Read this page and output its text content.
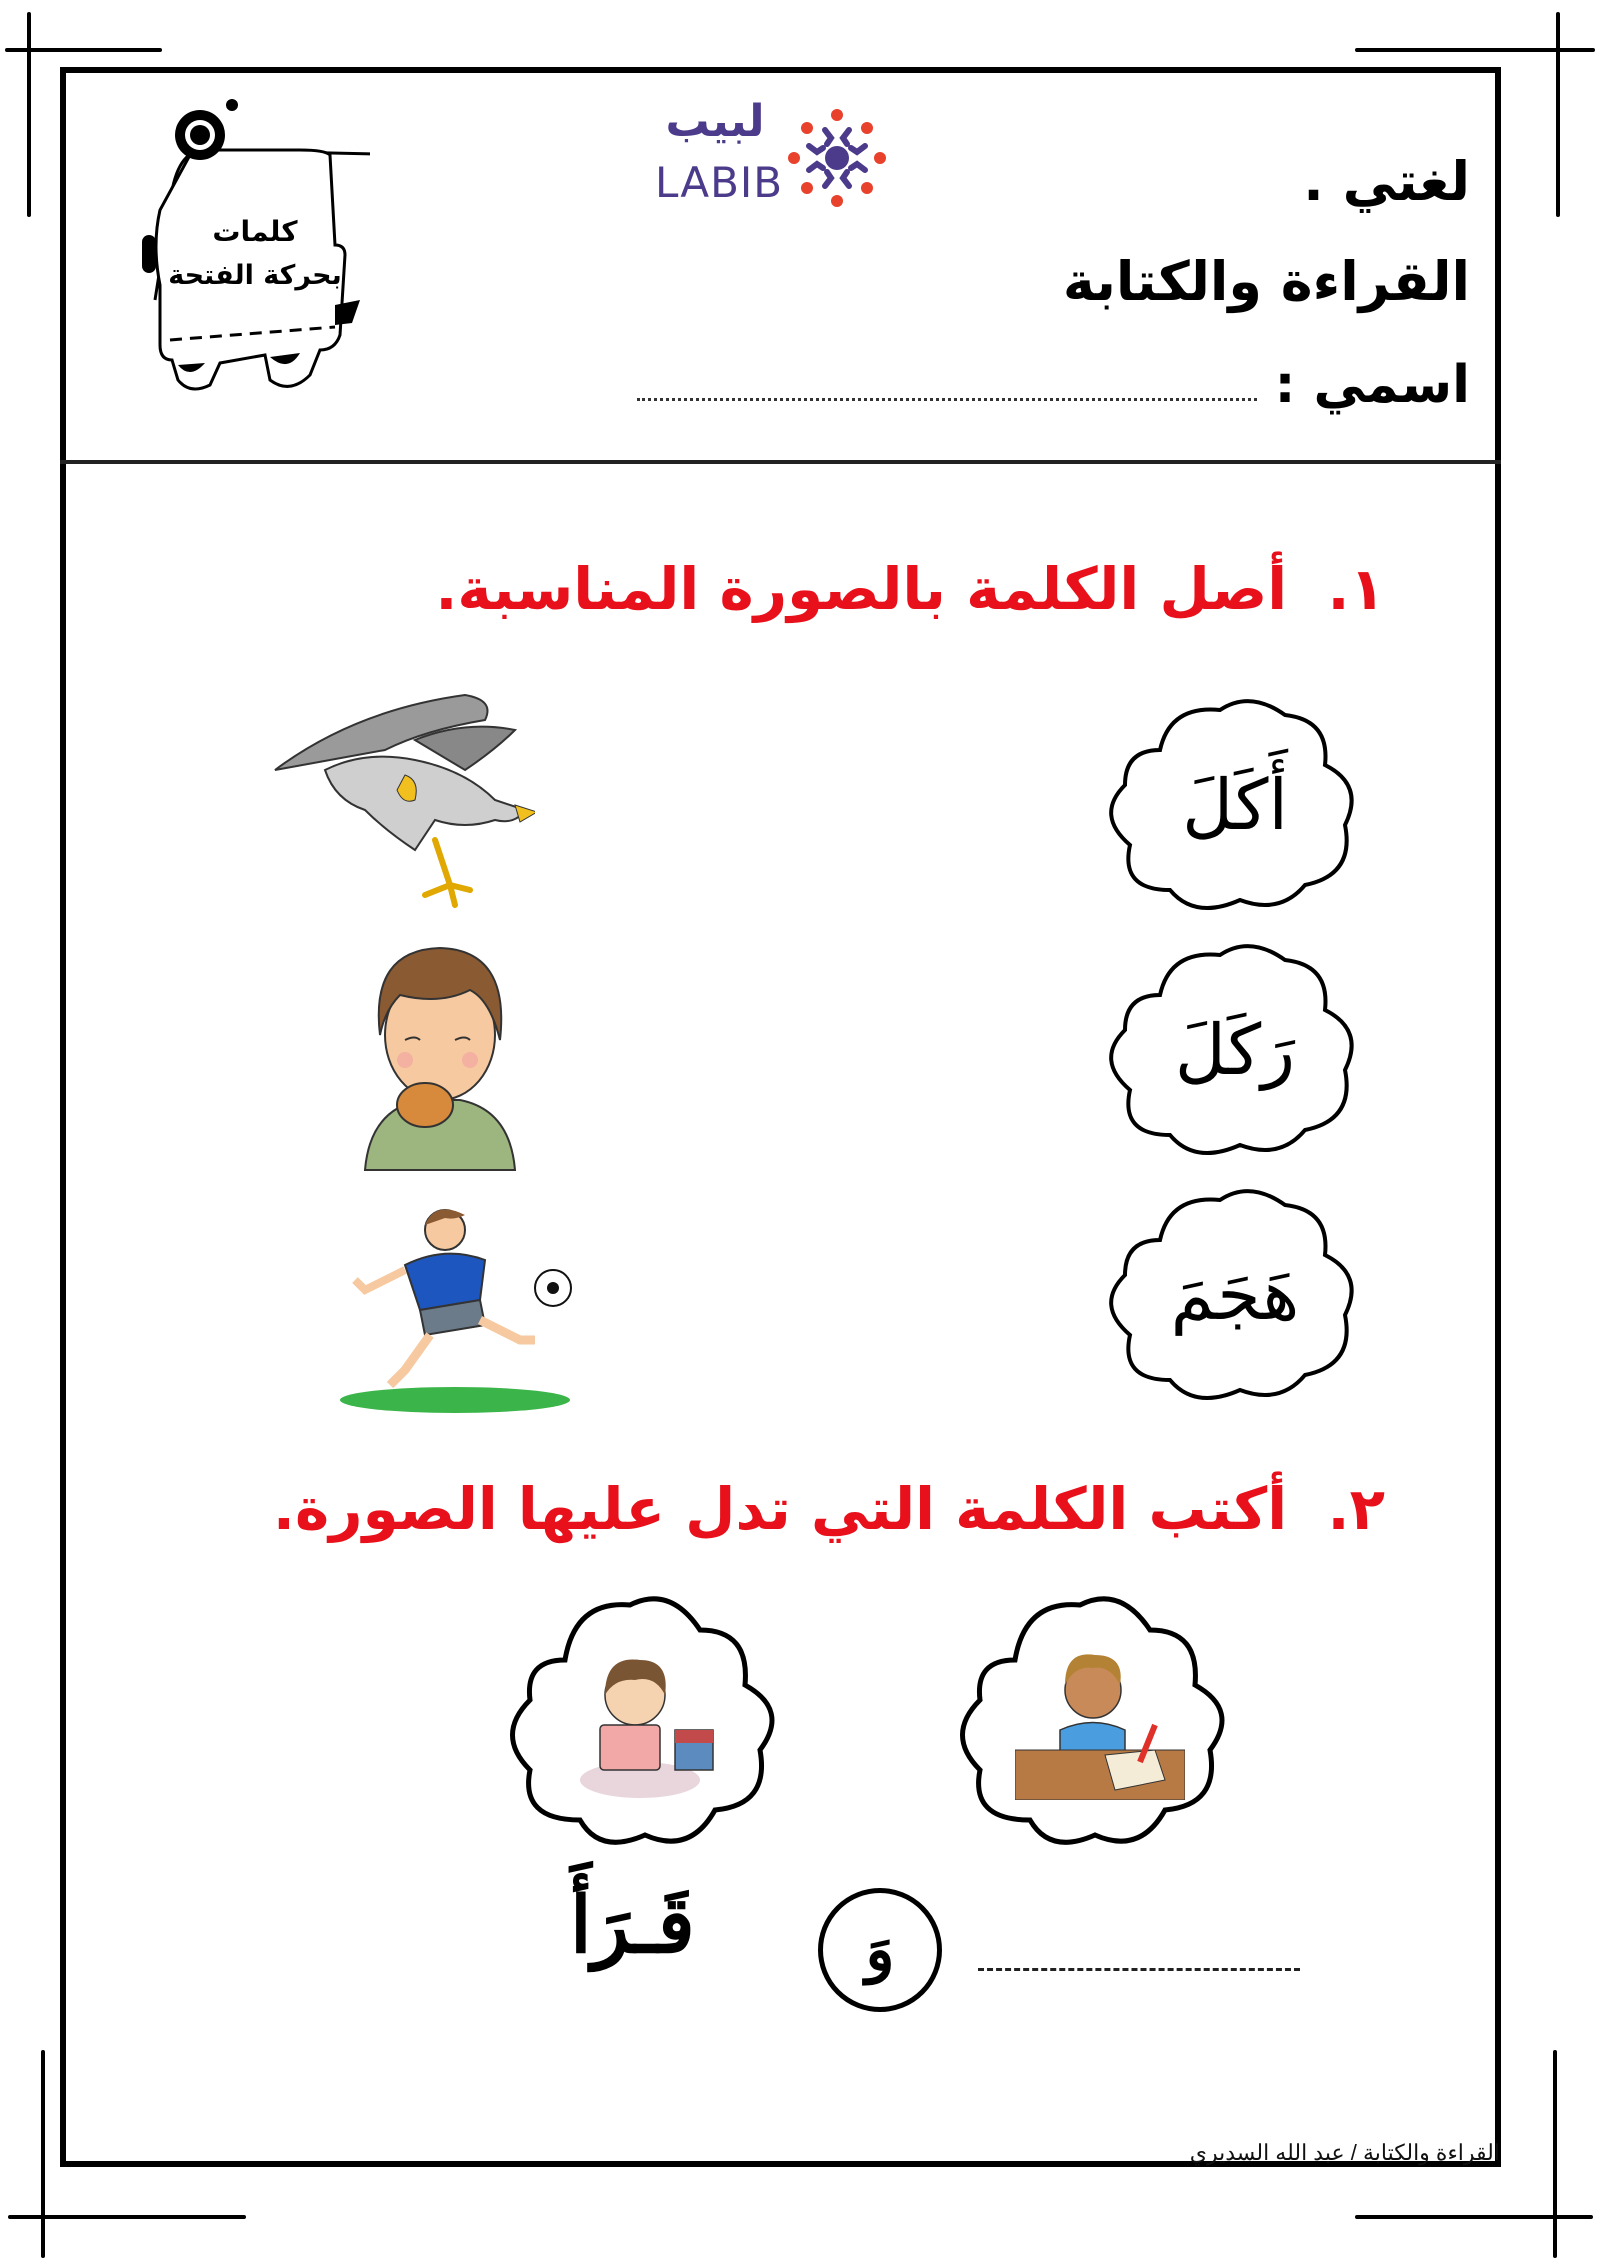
كلمات
بحركة الفتحة
لبيب
LABIB	لغتي .
القراءة والكتابة
اسمي :
١.  أصل الكلمة بالصورة المناسبة.
أَكَلَ
رَكَلَ
هَجَمَ
٢.  أكتب الكلمة التي تدل عليها الصورة.
قَـرَأَ	وَ
القراءة والكتابة / عبد الله السديري
